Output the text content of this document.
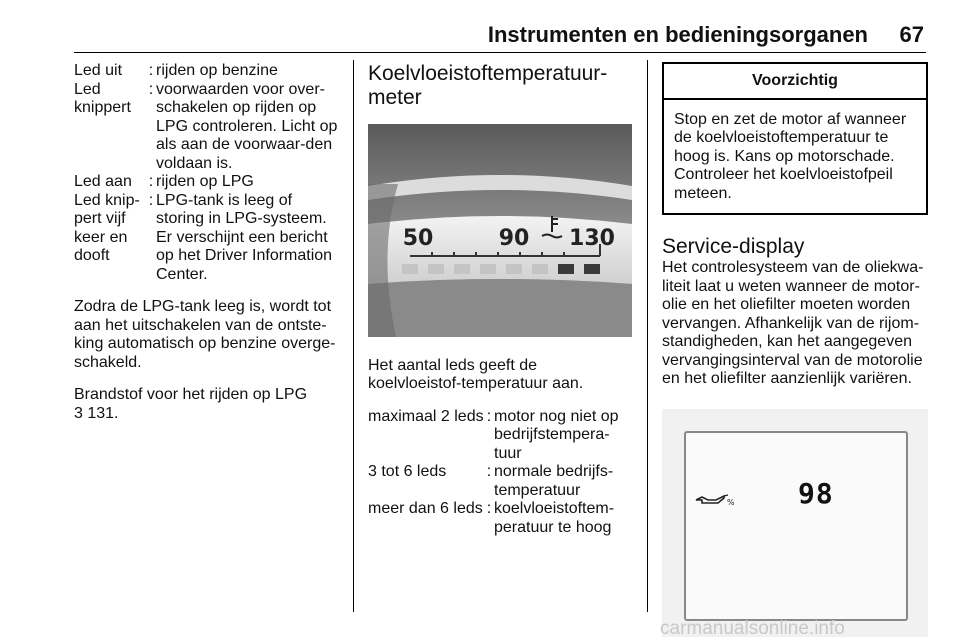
Instrumenten en bedieningsorganen 67
Led uit	: rijden op benzine
Led knippert
: voorwaarden voor over-schakelen op rijden op LPG controleren. Licht op als aan de voorwaar-den voldaan is.
Led aan	: rijden op LPG
Led knip-pert vijf keer en dooft
: LPG-tank is leeg of storing in LPG-systeem. Er verschijnt een bericht op het Driver Information Center.
Zodra de LPG-tank leeg is, wordt tot aan het uitschakelen van de ontste-king automatisch op benzine overge-schakeld.
Brandstof voor het rijden op LPG
3 131.
Koelvloeistoftemperatuur-meter
50	90 130
Het aantal leds geeft de koelvloeistof-temperatuur aan.
maximaal 2 leds : motor nog niet op bedrijfstempera-tuur
3 tot 6 leds	: normale bedrijfs-temperatuur
meer dan 6 leds : koelvloeistoftem-peratuur te hoog
Voorzichtig
Stop en zet de motor af wanneer de koelvloeistoftemperatuur te hoog is. Kans op motorschade. Controleer het koelvloeistofpeil meteen.
Service-display
Het controlesysteem van de oliekwa-liteit laat u weten wanneer de motor-olie en het oliefilter moeten worden vervangen. Afhankelijk van de rijom-standigheden, kan het aangegeven vervangingsinterval van de motorolie en het oliefilter aanzienlijk variëren.
% 98
carmanualsonline.info
